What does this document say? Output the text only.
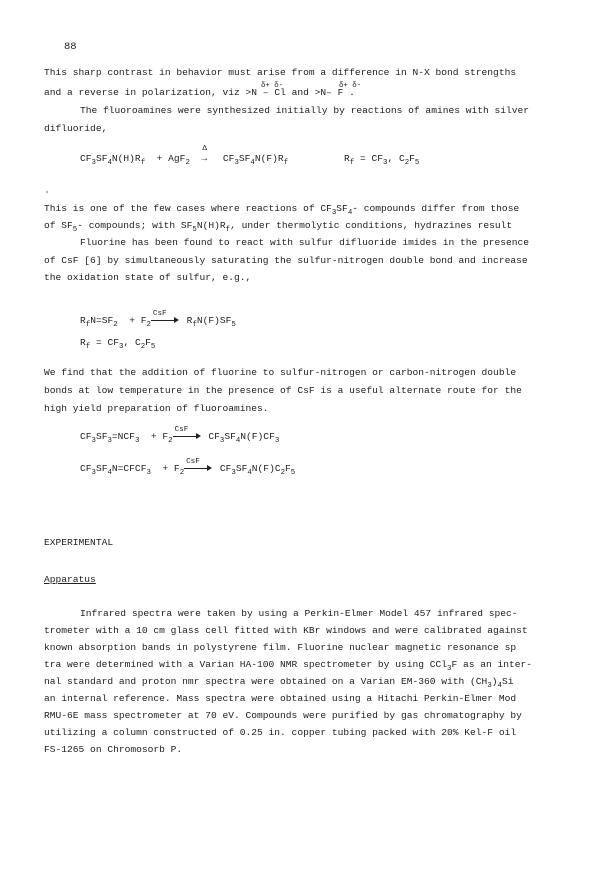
88
This sharp contrast in behavior must arise from a difference in N-X bond strengths
δ+ δ-	δ+ δ-
and a reverse in polarization, viz >N – Cl and >N– F .
The fluoroamines were synthesized initially by reactions of amines with silver
difluoride,
$CF_3SF_4N(H)R_f + AgF_2$
Δ
→ $CF_3SF_4N(F)R_f$	$R_f = CF_3$, $C_2F_5$
This is one of the few cases where reactions of $CF_3SF_4-$ compounds differ from those
of $SF_5-$ compounds; with $SF_5N(H)R_f$, under thermolytic conditions, hydrazines result
Fluorine has been found to react with sulfur difluoride imides in the presence
of CsF [6] by simultaneously saturating the sulfur-nitrogen double bond and increase
the oxidation state of sulfur, e.g.,
$R_fN=SF_2 + F_2$
CsF
$R_fN(F)SF_5$
$R_f = CF_3$, $C_2F_5$
We find that the addition of fluorine to sulfur-nitrogen or carbon-nitrogen double
bonds at low temperature in the presence of CsF is a useful alternate route for the
high yield preparation of fluoroamines.
$CF_3SF_3=NCF_3 + F_2$
CsF
$CF_3SF_4N(F)CF_3$
$CF_3SF_4N=CFCF_3 + F_2$
CsF
$CF_3SF_4N(F)C_2F_5$
EXPERIMENTAL
Apparatus
Infrared spectra were taken by using a Perkin-Elmer Model 457 infrared spec-
trometer with a 10 cm glass cell fitted with KBr windows and were calibrated against
known absorption bands in polystyrene film. Fluorine nuclear magnetic resonance sp
tra were determined with a Varian HA-100 NMR spectrometer by using CCl$_3$F as an inter-
nal standard and proton nmr spectra were obtained on a Varian EM-360 with $(CH_3)_4Si$
an internal reference. Mass spectra were obtained using a Hitachi Perkin-Elmer Mod
RMU-6E mass spectrometer at 70 eV. Compounds were purified by gas chromatography by
utilizing a column constructed of 0.25 in. copper tubing packed with 20% Kel-F oil
FS-1265 on Chromosorb P.
